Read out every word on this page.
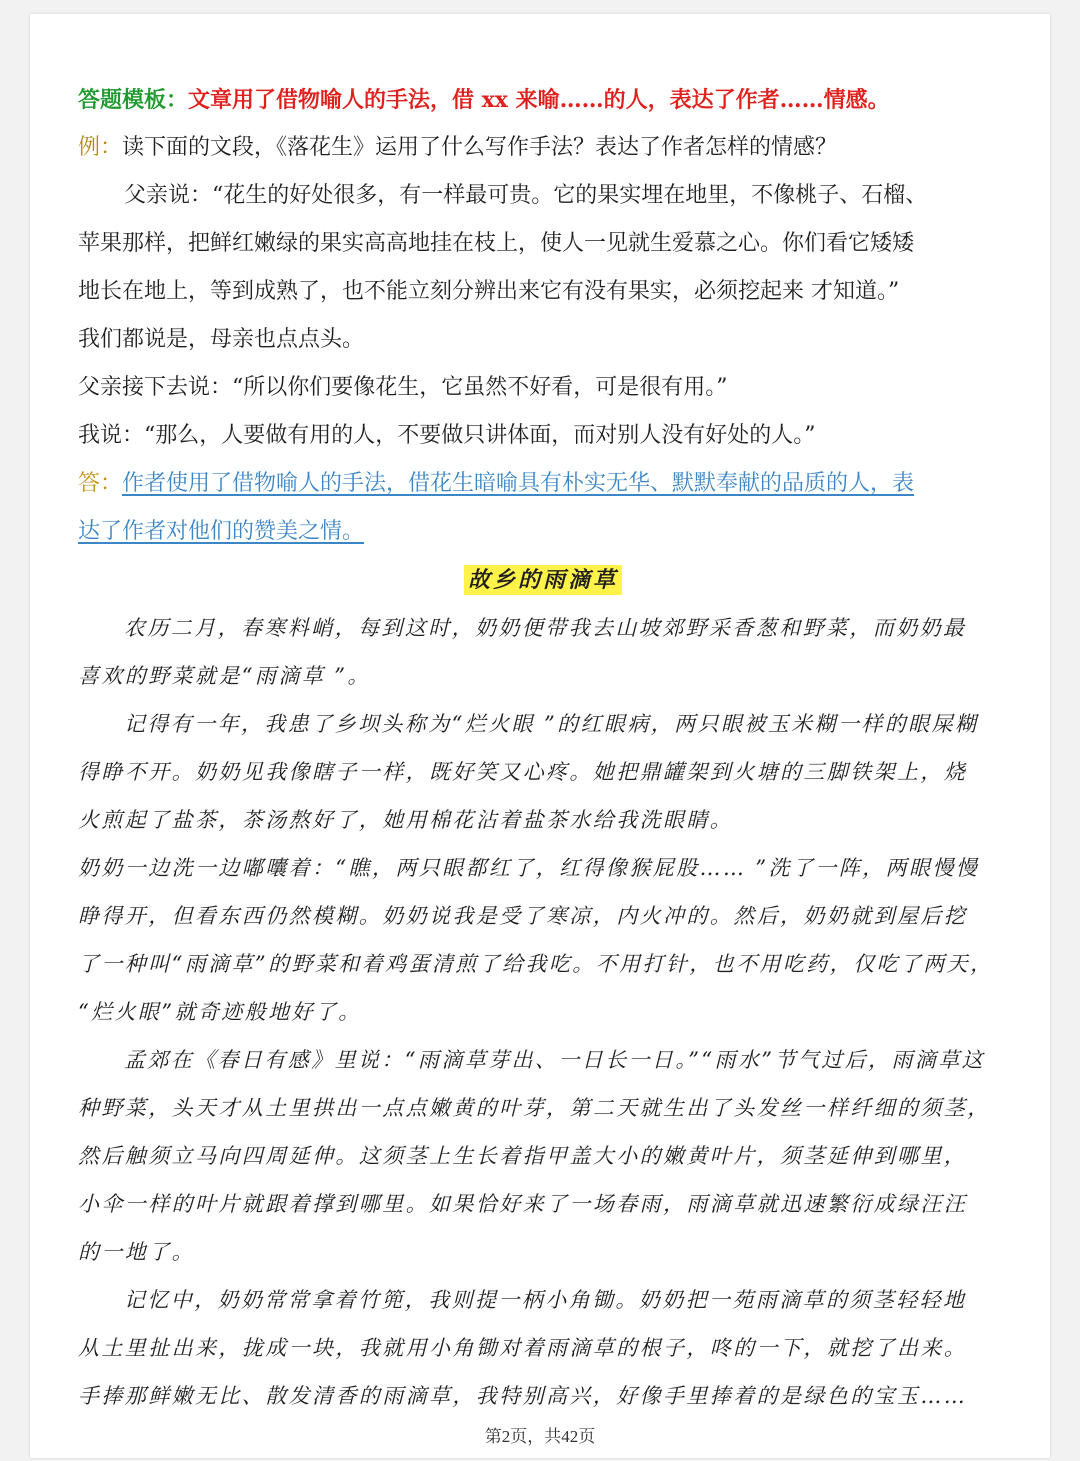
答题模板：文章用了借物喻人的手法，借 xx 来喻……的人，表达了作者……情感。
例：读下面的文段，《落花生》运用了什么写作手法？表达了作者怎样的情感？
父亲说：“花生的好处很多，有一样最可贵。它的果实埋在地里，不像桃子、石榴、
苹果那样，把鲜红嫩绿的果实高高地挂在枝上，使人一见就生爱慕之心。你们看它矮矮
地长在地上，等到成熟了，也不能立刻分辨出来它有没有果实，必须挖起来 才知道。”
我们都说是，母亲也点点头。
父亲接下去说：“所以你们要像花生，它虽然不好看，可是很有用。”
我说：“那么，人要做有用的人，不要做只讲体面，而对别人没有好处的人。”
答：作者使用了借物喻人的手法，借花生暗喻具有朴实无华、默默奉献的品质的人，表
达了作者对他们的赞美之情。
故乡的雨滴草
农历二月，春寒料峭，每到这时，奶奶便带我去山坡郊野采香葱和野菜，而奶奶最
喜欢的野菜就是“雨滴草 ”。
记得有一年，我患了乡坝头称为“烂火眼 ”的红眼病，两只眼被玉米糊一样的眼屎糊
得睁不开。奶奶见我像瞎子一样，既好笑又心疼。她把鼎罐架到火塘的三脚铁架上，烧
火煎起了盐茶，茶汤熬好了，她用棉花沾着盐茶水给我洗眼睛。
奶奶一边洗一边嘟囔着：“瞧，两只眼都红了，红得像猴屁股…… ”洗了一阵，两眼慢慢
睁得开，但看东西仍然模糊。奶奶说我是受了寒凉，内火冲的。然后，奶奶就到屋后挖
了一种叫“雨滴草”的野菜和着鸡蛋清煎了给我吃。不用打针，也不用吃药，仅吃了两天，
“烂火眼”就奇迹般地好了。
孟郊在《春日有感》里说：“雨滴草芽出、一日长一日。”“雨水”节气过后，雨滴草这
种野菜，头天才从土里拱出一点点嫩黄的叶芽，第二天就生出了头发丝一样纤细的须茎，
然后触须立马向四周延伸。这须茎上生长着指甲盖大小的嫩黄叶片，须茎延伸到哪里，
小伞一样的叶片就跟着撑到哪里。如果恰好来了一场春雨，雨滴草就迅速繁衍成绿汪汪
的一地了。
记忆中，奶奶常常拿着竹篼，我则提一柄小角锄。奶奶把一苑雨滴草的须茎轻轻地
从土里扯出来，拢成一块，我就用小角锄对着雨滴草的根子，咚的一下，就挖了出来。
手捧那鲜嫩无比、散发清香的雨滴草，我特别高兴，好像手里捧着的是绿色的宝玉……
第2页，共42页
